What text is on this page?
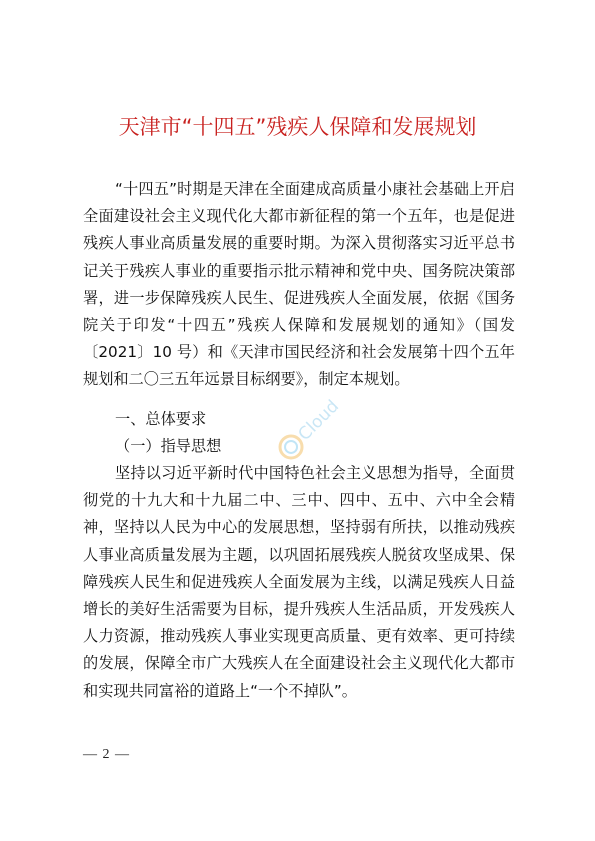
天津市“十四五”残疾人保障和发展规划

“十四五”时期是天津在全面建成高质量小康社会基础上开启全面建设社会主义现代化大都市新征程的第一个五年，也是促进残疾人事业高质量发展的重要时期。为深入贯彻落实习近平总书记关于残疾人事业的重要指示批示精神和党中央、国务院决策部署，进一步保障残疾人民生、促进残疾人全面发展，依据《国务院关于印发“十四五”残疾人保障和发展规划的通知》（国发〔2021〕10 号）和《天津市国民经济和社会发展第十四个五年规划和二〇三五年远景目标纲要》，制定本规划。

一、总体要求
（一）指导思想

坚持以习近平新时代中国特色社会主义思想为指导，全面贯彻党的十九大和十九届二中、三中、四中、五中、六中全会精神，坚持以人民为中心的发展思想，坚持弱有所扶，以推动残疾人事业高质量发展为主题，以巩固拓展残疾人脱贫攻坚成果、保障残疾人民生和促进残疾人全面发展为主线，以满足残疾人日益增长的美好生活需要为目标，提升残疾人生活品质，开发残疾人人力资源，推动残疾人事业实现更高质量、更有效率、更可持续的发展，保障全市广大残疾人在全面建设社会主义现代化大都市和实现共同富裕的道路上“一个不掉队”。

Cloud
— 2 —
